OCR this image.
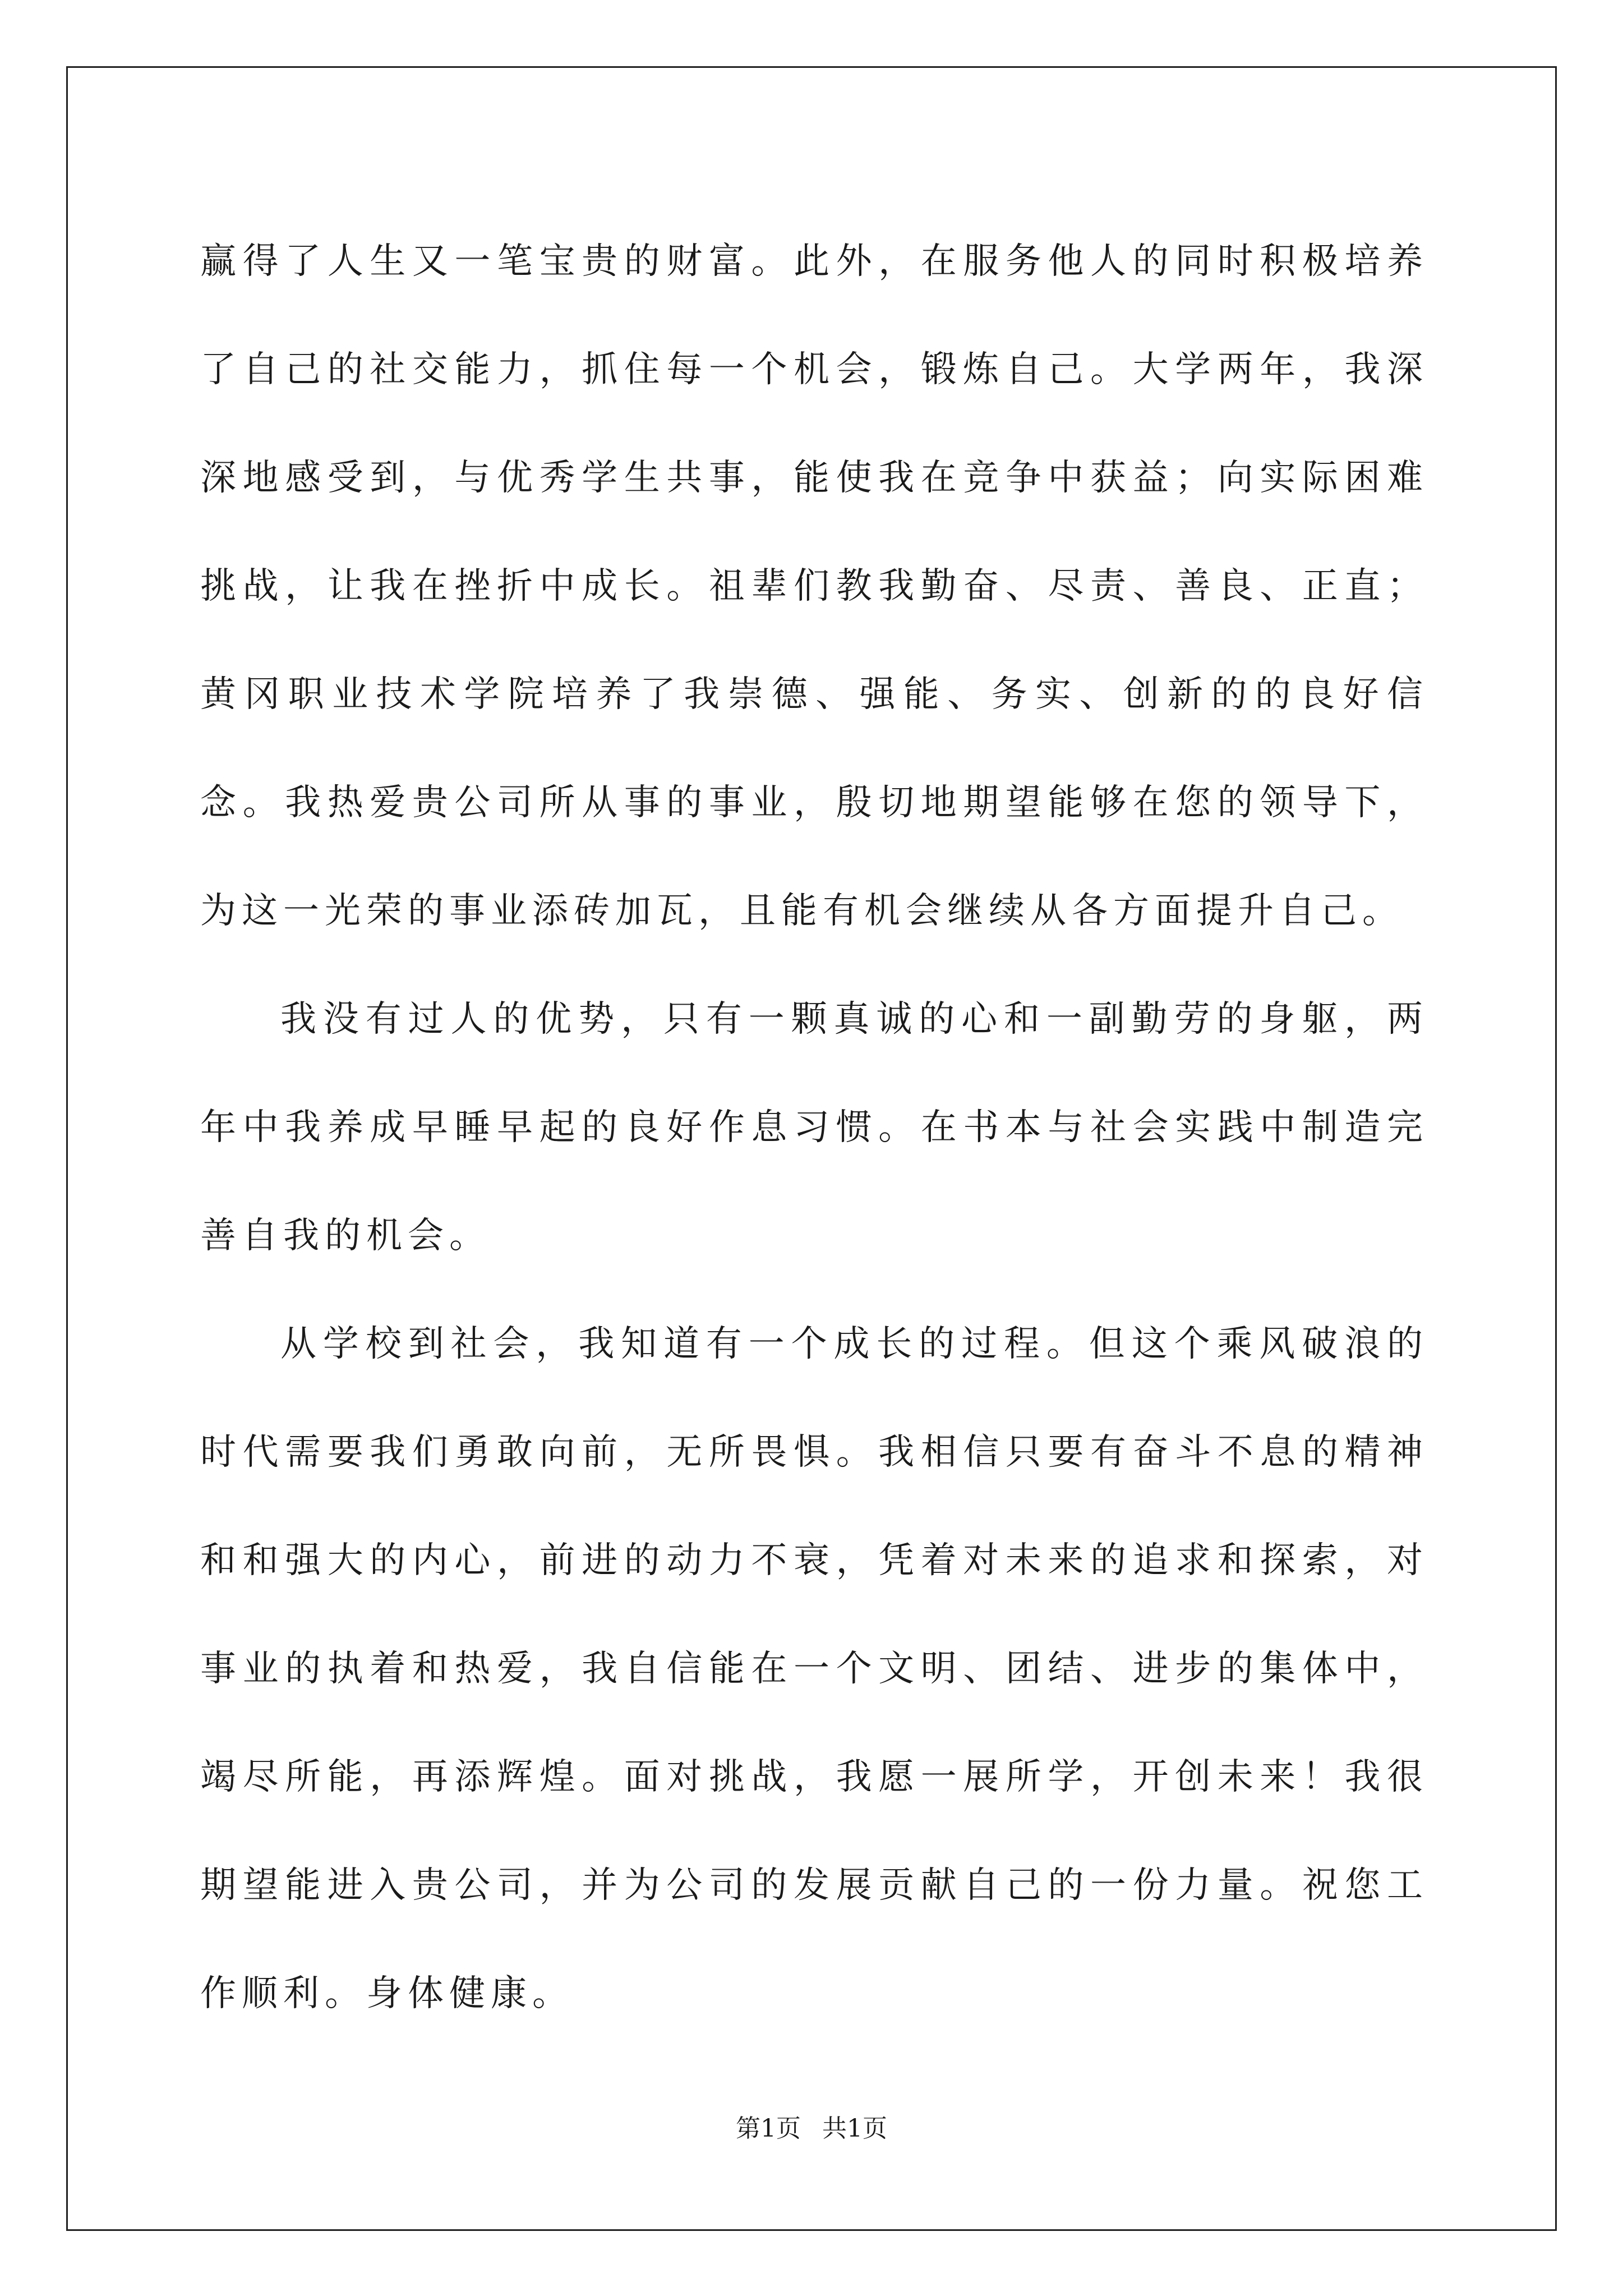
赢得了人生又一笔宝贵的财富。此外，在服务他人的同时积极培养了自己的社交能力，抓住每一个机会，锻炼自己。大学两年，我深深地感受到，与优秀学生共事，能使我在竞争中获益；向实际困难挑战，让我在挫折中成长。祖辈们教我勤奋、尽责、善良、正直；黄冈职业技术学院培养了我崇德、强能、务实、创新的的良好信念。我热爱贵公司所从事的事业，殷切地期望能够在您的领导下，为这一光荣的事业添砖加瓦，且能有机会继续从各方面提升自己。

我没有过人的优势，只有一颗真诚的心和一副勤劳的身躯，两年中我养成早睡早起的良好作息习惯。在书本与社会实践中制造完善自我的机会。

从学校到社会，我知道有一个成长的过程。但这个乘风破浪的时代需要我们勇敢向前，无所畏惧。我相信只要有奋斗不息的精神和和强大的内心，前进的动力不衰，凭着对未来的追求和探索，对事业的执着和热爱，我自信能在一个文明、团结、进步的集体中，竭尽所能，再添辉煌。面对挑战，我愿一展所学，开创未来！我很期望能进入贵公司，并为公司的发展贡献自己的一份力量。祝您工作顺利。身体健康。

第1页 共1页
